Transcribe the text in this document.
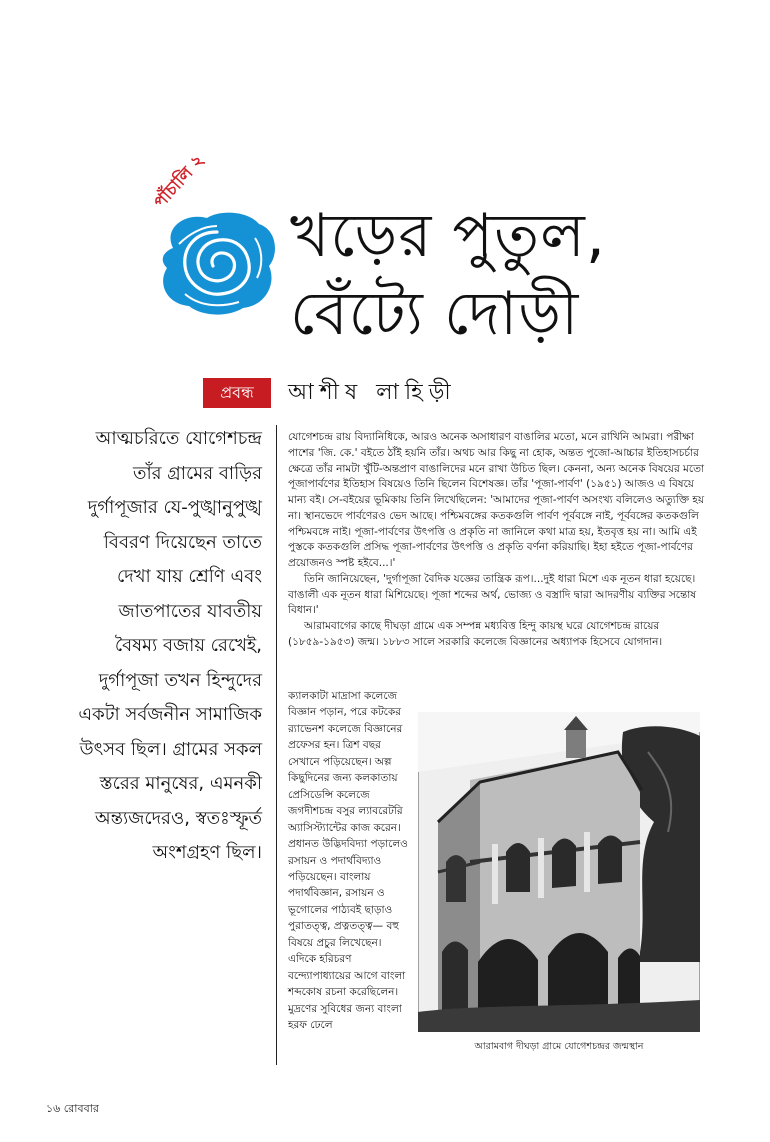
পাঁচালি ২
খড়ের পুতুল,
বেঁট্যে দোড়ী
প্রবন্ধ	আশীষ লাহিড়ী
আত্মচরিতে যোগেশচন্দ্র তাঁর গ্রামের বাড়ির দুর্গাপূজার যে-পুঙ্খানুপুঙ্খ বিবরণ দিয়েছেন তাতে দেখা যায় শ্রেণি এবং জাতপাতের যাবতীয় বৈষম্য বজায় রেখেই, দুর্গাপূজা তখন হিন্দুদের একটা সর্বজনীন সামাজিক উৎসব ছিল। গ্রামের সকল স্তরের মানুষের, এমনকী অন্ত্যজদেরও, স্বতঃস্ফূর্ত অংশগ্রহণ ছিল।

যোগেশচন্দ্র রায় বিদ্যানিধিকে, আরও অনেক অসাধারণ বাঙালির মতো, মনে রাখিনি আমরা। পরীক্ষা পাশের 'জি. কে.' বইতে ঠাঁই হয়নি তাঁর। অথচ আর কিছু না হোক, অন্তত পুজো-আচ্চার ইতিহাসচর্চার ক্ষেত্রে তাঁর নামটা খুঁটি-অন্তপ্রাণ বাঙালিদের মনে রাখা উচিত ছিল। কেননা, অন্য অনেক বিষয়ের মতো পূজাপার্বণের ইতিহাস বিষয়েও তিনি ছিলেন বিশেষজ্ঞ। তাঁর 'পূজা-পার্বণ' (১৯৫১) আজও এ বিষয়ে মান্য বই। সে-বইয়ের ভূমিকায় তিনি লিখেছিলেন: 'আমাদের পূজা-পার্বণ অসংখ্য বলিলেও অত্যুক্তি হয় না। স্থানভেদে পার্বণেরও ভেদ আছে। পশ্চিমবঙ্গের কতকগুলি পার্বণ পূর্ববঙ্গে নাই, পূর্ববঙ্গের কতকগুলি পশ্চিমবঙ্গে নাই। পূজা-পার্বণের উৎপত্তি ও প্রকৃতি না জানিলে কথা মাত্র হয়, ইতবৃত্ত হয় না। আমি এই পুস্তকে কতকগুলি প্রসিদ্ধ পূজা-পার্বণের উৎপত্তি ও প্রকৃতি বর্ণনা করিয়াছি। ইহা হইতে পূজা-পার্বণের প্রয়োজনও স্পষ্ট হইবে...।'

তিনি জানিয়েছেন, 'দুর্গাপূজা বৈদিক যজ্ঞের তান্ত্রিক রূপ।...দুই ধারা মিশে এক নূতন ধারা হয়েছে। বাঙালী এক নূতন ধারা মিশিয়েছে। পূজা শব্দের অর্থ, ভোজ্য ও বস্ত্রাদি দ্বারা আদরণীয় ব্যক্তির সন্তোষ বিধান।'

আরামবাগের কাছে দীঘড়া গ্রামে এক সম্পন্ন মধ্যবিত্ত হিন্দু কায়স্থ ঘরে যোগেশচন্দ্র রায়ের (১৮৫৯-১৯৫৩) জন্ম। ১৮৮৩ সালে সরকারি কলেজে বিজ্ঞানের অধ্যাপক হিসেবে যোগদান।

ক্যালকাটা মাদ্রাসা কলেজে বিজ্ঞান পড়ান, পরে কটকের র‍্যাভেনশ কলেজে বিজ্ঞানের প্রফেসর হন। ত্রিশ বছর সেখানে পড়িয়েছেন। অল্প কিছুদিনের জন্য কলকাতায় প্রেসিডেন্সি কলেজে জগদীশচন্দ্র বসুর ল্যাবরেটরি অ্যাসিস্ট্যান্টের কাজ করেন। প্রধানত উদ্ভিদবিদ্যা পড়ালেও রসায়ন ও পদার্থবিদ্যাও পড়িয়েছেন। বাংলায় পদার্থবিজ্ঞান, রসায়ন ও ভূগোলের পাঠ্যবই ছাড়াও পুরাতত্ত্ব, প্রত্নতত্ত্ব— বহু বিষয়ে প্রচুর লিখেছেন। এদিকে হরিচরণ বন্দ্যোপাধ্যায়ের আগে বাংলা শব্দকোষ রচনা করেছিলেন। মুদ্রণের সুবিধের জন্য বাংলা হরফ ঢেলে

আরামবাগ দীঘড়া গ্রামে যোগেশচন্দ্রর জন্মস্থান
১৬ রোববার
